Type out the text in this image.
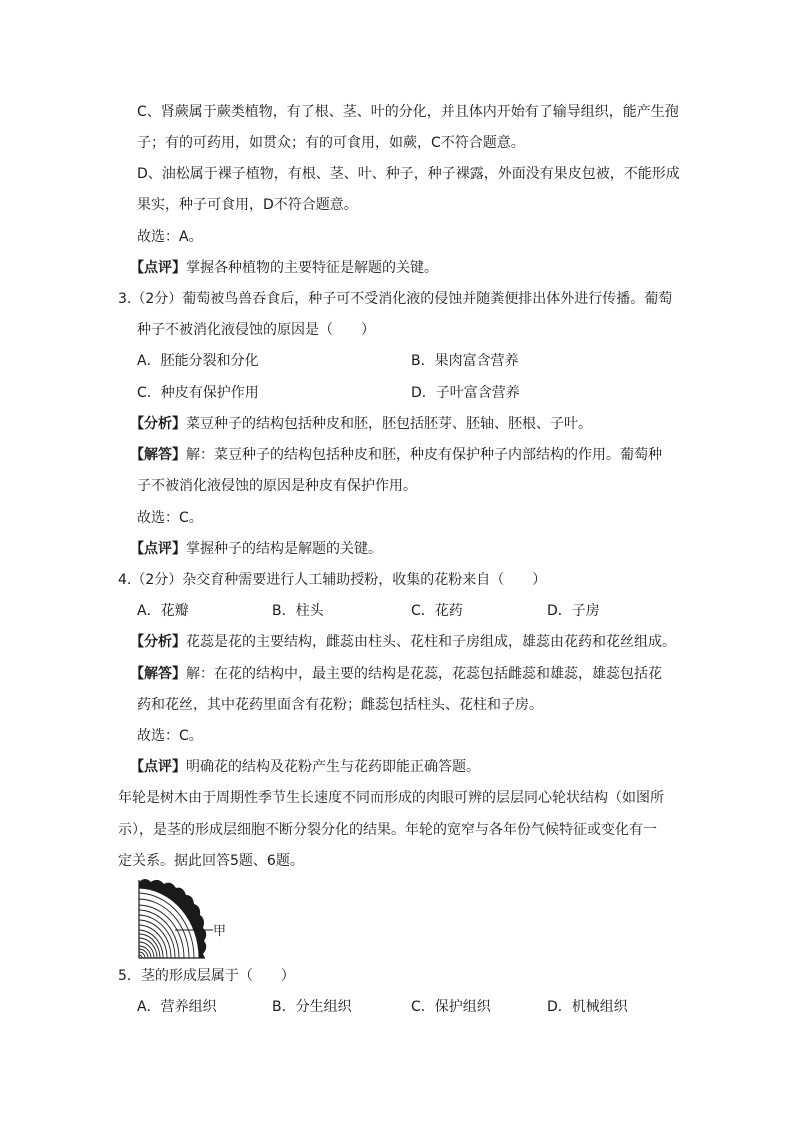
C、肾蕨属于蕨类植物，有了根、茎、叶的分化，并且体内开始有了输导组织，能产生孢
子；有的可药用，如贯众；有的可食用，如蕨，C不符合题意。
D、油松属于裸子植物，有根、茎、叶、种子，种子裸露，外面没有果皮包被，不能形成
果实，种子可食用，D不符合题意。
故选：A。
【点评】掌握各种植物的主要特征是解题的关键。
3.（2分）葡萄被鸟兽吞食后，种子可不受消化液的侵蚀并随粪便排出体外进行传播。葡萄
种子不被消化液侵蚀的原因是（　　）
A．胚能分裂和分化	B．果肉富含营养
C．种皮有保护作用	D．子叶富含营养
【分析】菜豆种子的结构包括种皮和胚，胚包括胚芽、胚轴、胚根、子叶。
【解答】解：菜豆种子的结构包括种皮和胚，种皮有保护种子内部结构的作用。葡萄种
子不被消化液侵蚀的原因是种皮有保护作用。
故选：C。
【点评】掌握种子的结构是解题的关键。
4.（2分）杂交育种需要进行人工辅助授粉，收集的花粉来自（　　）
A．花瓣	B．柱头	C．花药	D．子房
【分析】花蕊是花的主要结构，雌蕊由柱头、花柱和子房组成，雄蕊由花药和花丝组成。
【解答】解：在花的结构中，最主要的结构是花蕊，花蕊包括雌蕊和雄蕊，雄蕊包括花
药和花丝，其中花药里面含有花粉；雌蕊包括柱头、花柱和子房。
故选：C。
【点评】明确花的结构及花粉产生与花药即能正确答题。
年轮是树木由于周期性季节生长速度不同而形成的肉眼可辨的层层同心轮状结构（如图所
示），是茎的形成层细胞不断分裂分化的结果。年轮的宽窄与各年份气候特征或变化有一
定关系。据此回答5题、6题。
甲
5．茎的形成层属于（　　）
A．营养组织	B．分生组织	C．保护组织	D．机械组织
